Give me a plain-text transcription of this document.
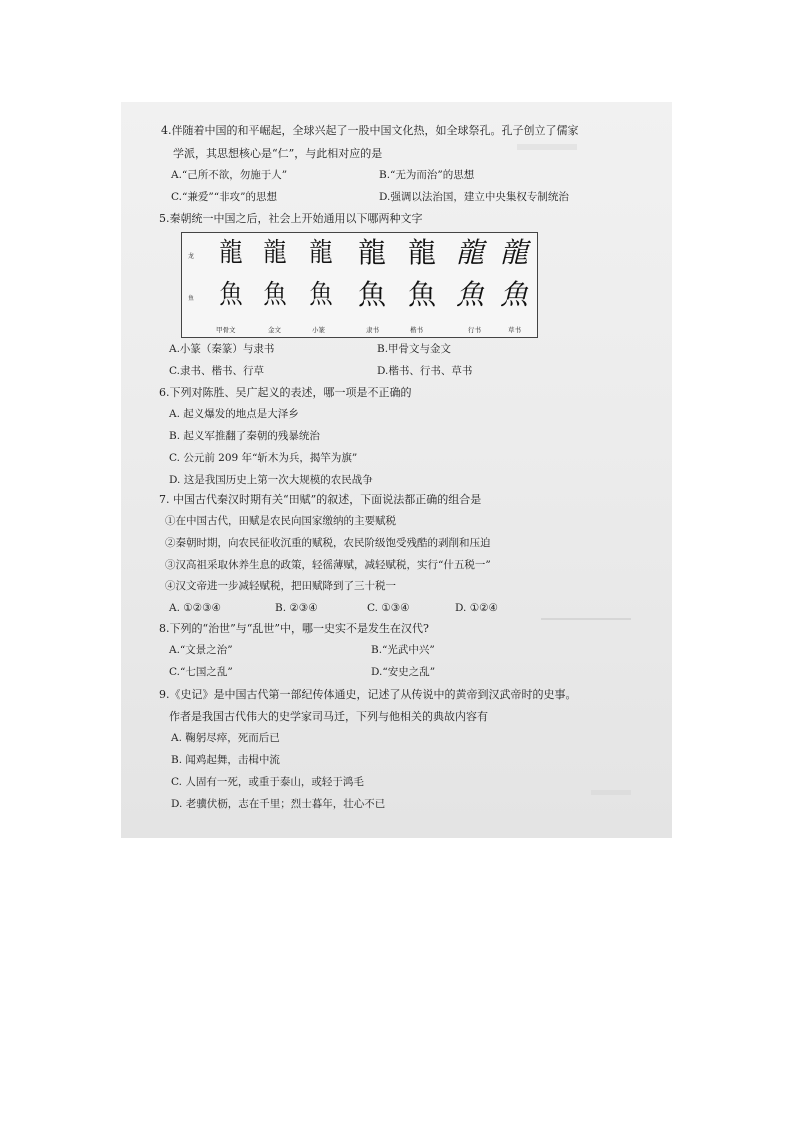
4.伴随着中国的和平崛起，全球兴起了一股中国文化热，如全球祭孔。孔子创立了儒家
学派，其思想核心是“仁”，与此相对应的是
A.“己所不欲，勿施于人”	B.“无为而治”的思想
C.“兼爱”“非攻”的思想	D.强调以法治国，建立中央集权专制统治
5.秦朝统一中国之后，社会上开始通用以下哪两种文字
龙
鱼
龍 龍 龍 龍 龍 龍 龍
魚 魚 魚 魚 魚 魚 魚
甲骨文	金文	小篆	隶书	楷书	行书	草书
A.小篆（秦篆）与隶书	B.甲骨文与金文
C.隶书、楷书、行草	D.楷书、行书、草书
6.下列对陈胜、吴广起义的表述，哪一项是不正确的
A. 起义爆发的地点是大泽乡
B. 起义军推翻了秦朝的残暴统治
C. 公元前 209 年“斩木为兵，揭竿为旗”
D. 这是我国历史上第一次大规模的农民战争
7. 中国古代秦汉时期有关“田赋”的叙述，下面说法都正确的组合是
①在中国古代，田赋是农民向国家缴纳的主要赋税
②秦朝时期，向农民征收沉重的赋税，农民阶级饱受残酷的剥削和压迫
③汉高祖采取休养生息的政策，轻徭薄赋，减轻赋税，实行“什五税一”
④汉文帝进一步减轻赋税，把田赋降到了三十税一
A. ①②③④	B. ②③④	C. ①③④	D. ①②④
8.下列的“治世”与“乱世”中，哪一史实不是发生在汉代?
A.“文景之治”	B.“光武中兴”
C.“七国之乱”	D.“安史之乱”
9.《史记》是中国古代第一部纪传体通史，记述了从传说中的黄帝到汉武帝时的史事。
作者是我国古代伟大的史学家司马迁，下列与他相关的典故内容有
A. 鞠躬尽瘁，死而后已
B. 闻鸡起舞，击楫中流
C. 人固有一死，或重于泰山，或轻于鸿毛
D. 老骥伏枥，志在千里；烈士暮年，壮心不已
